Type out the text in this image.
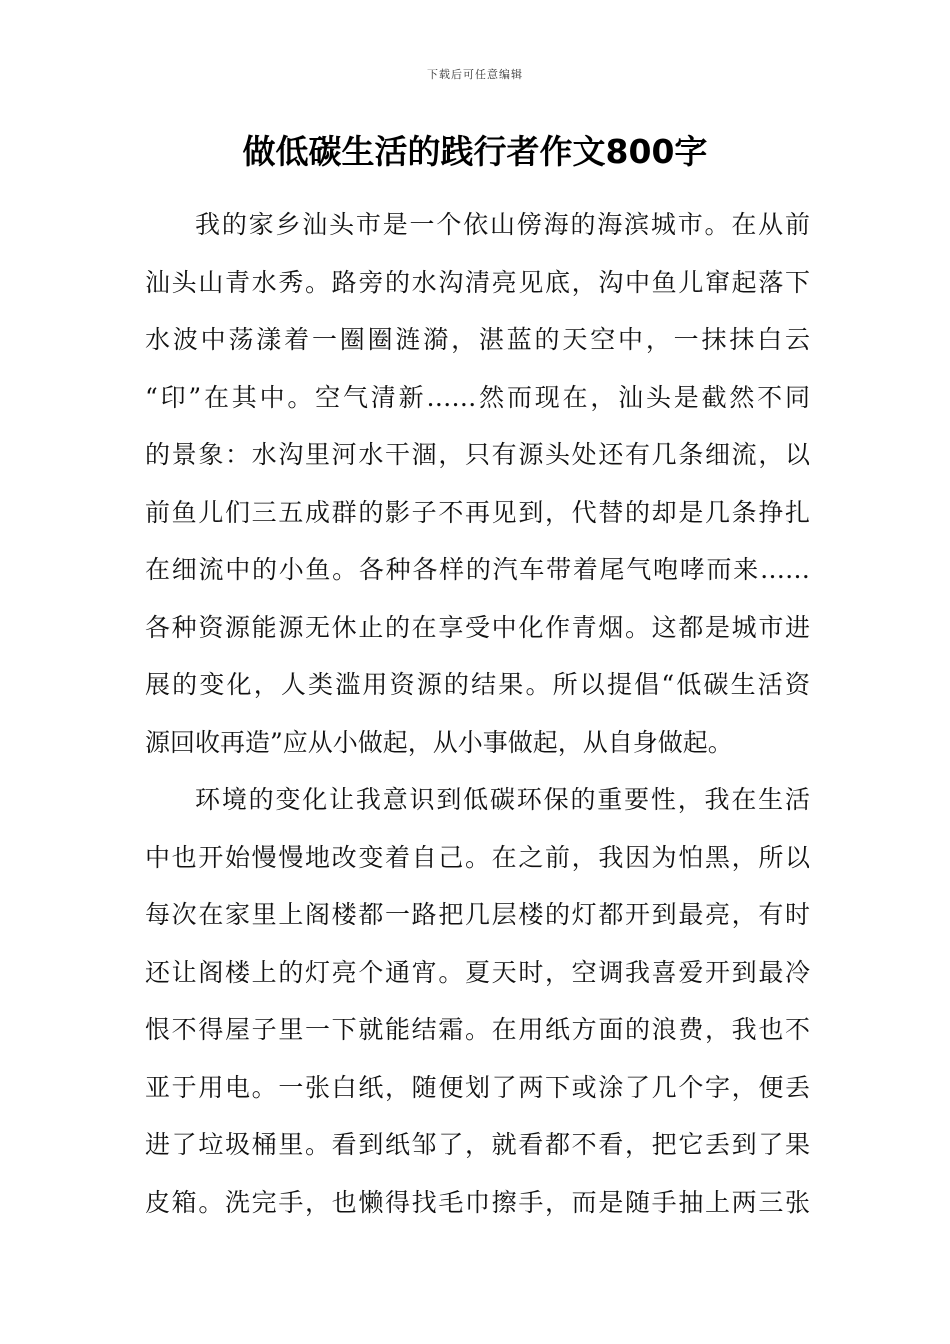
下载后可任意编辑
做低碳生活的践行者作文800字
我的家乡汕头市是一个依山傍海的海滨城市。在从前
汕头山青水秀。路旁的水沟清亮见底，沟中鱼儿窜起落下
水波中荡漾着一圈圈涟漪，湛蓝的天空中，一抹抹白云
“印”在其中。空气清新……然而现在，汕头是截然不同
的景象：水沟里河水干涸，只有源头处还有几条细流，以
前鱼儿们三五成群的影子不再见到，代替的却是几条挣扎
在细流中的小鱼。各种各样的汽车带着尾气咆哮而来……
各种资源能源无休止的在享受中化作青烟。这都是城市进
展的变化，人类滥用资源的结果。所以提倡“低碳生活资
源回收再造”应从小做起，从小事做起，从自身做起。
环境的变化让我意识到低碳环保的重要性，我在生活
中也开始慢慢地改变着自己。在之前，我因为怕黑，所以
每次在家里上阁楼都一路把几层楼的灯都开到最亮，有时
还让阁楼上的灯亮个通宵。夏天时，空调我喜爱开到最冷
恨不得屋子里一下就能结霜。在用纸方面的浪费，我也不
亚于用电。一张白纸，随便划了两下或涂了几个字，便丢
进了垃圾桶里。看到纸邹了，就看都不看，把它丢到了果
皮箱。洗完手，也懒得找毛巾擦手，而是随手抽上两三张
